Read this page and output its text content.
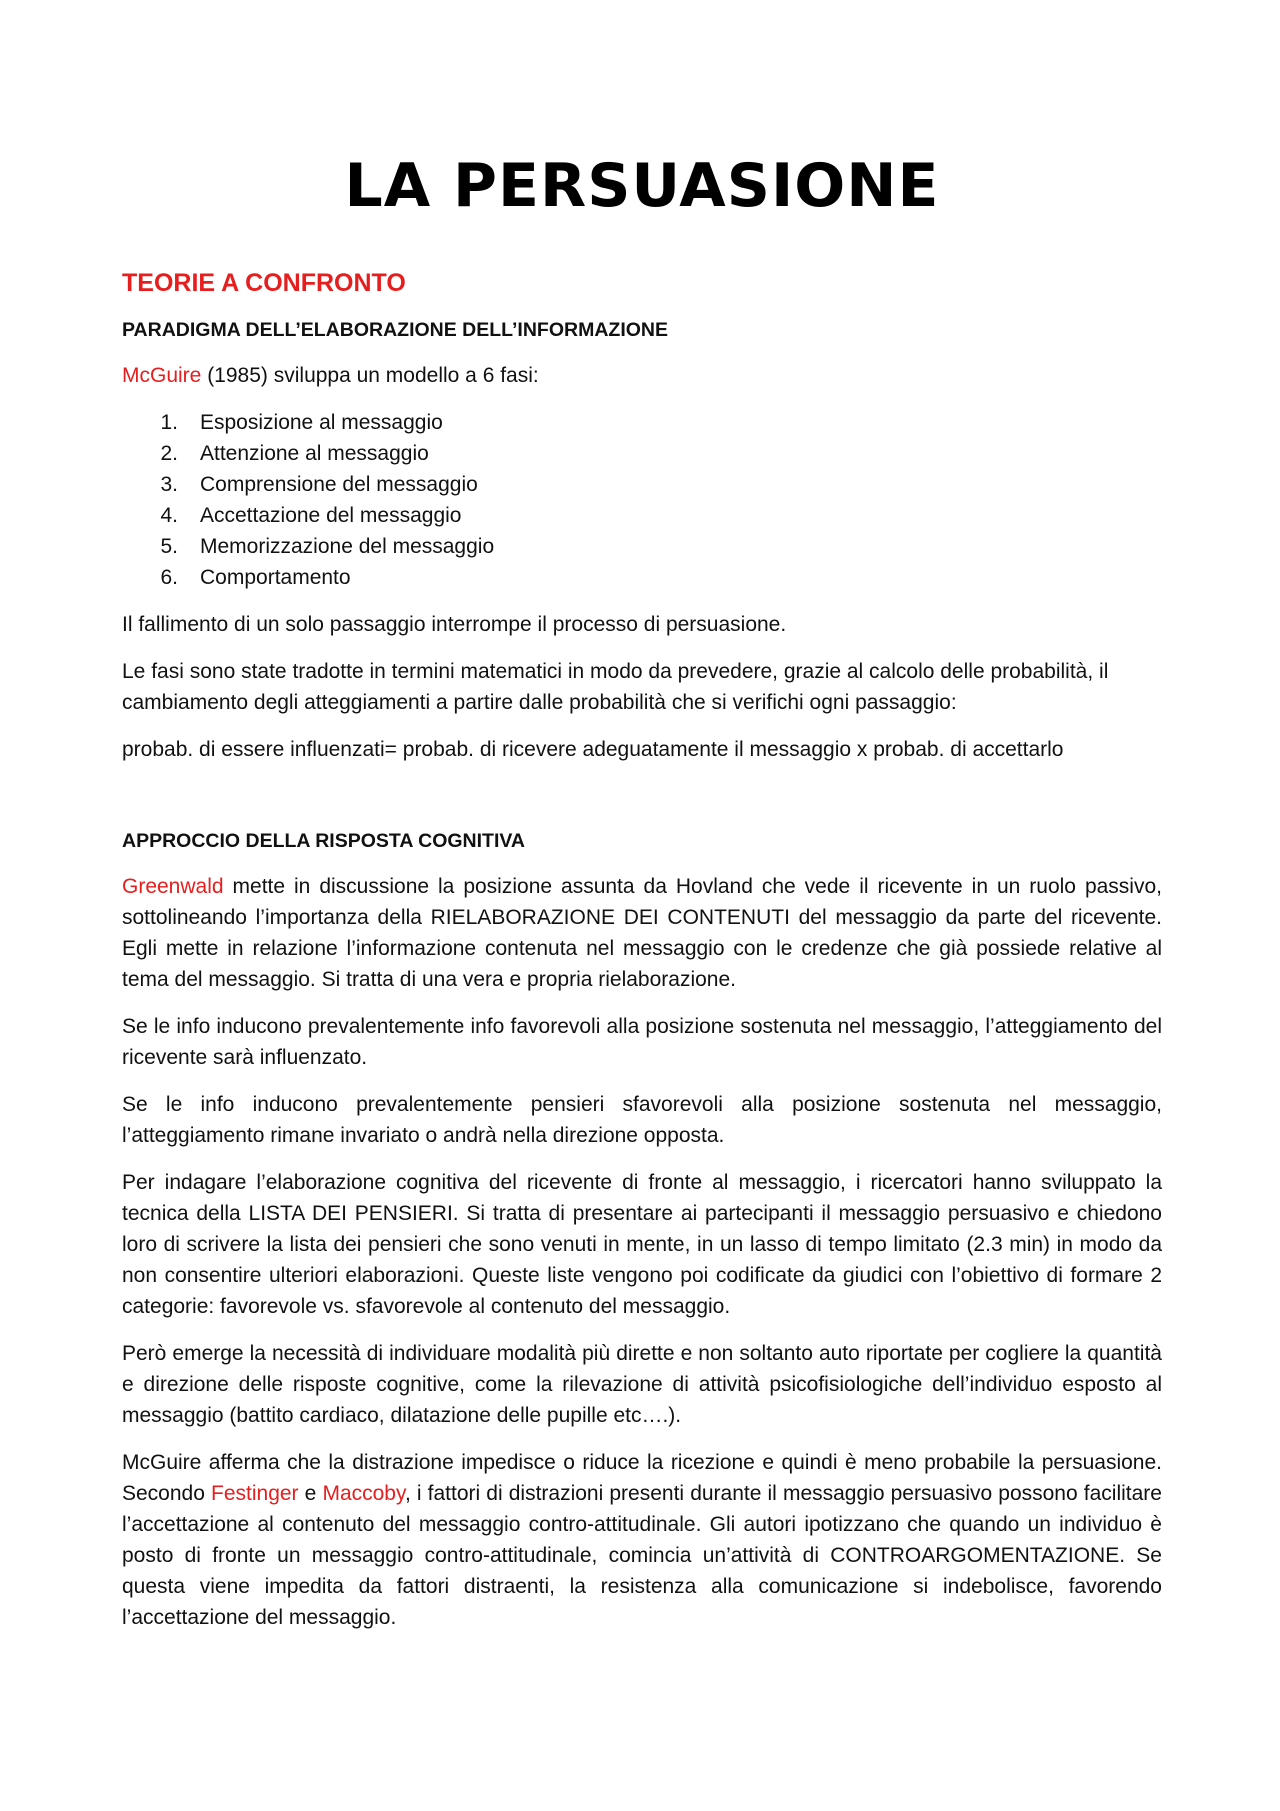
LA PERSUASIONE
TEORIE A CONFRONTO
PARADIGMA DELL’ELABORAZIONE DELL’INFORMAZIONE

McGuire (1985) sviluppa un modello a 6 fasi:

1.	Esposizione al messaggio
2.	Attenzione al messaggio
3.	Comprensione del messaggio
4.	Accettazione del messaggio
5.	Memorizzazione del messaggio
6.	Comportamento

Il fallimento di un solo passaggio interrompe il processo di persuasione.

Le fasi sono state tradotte in termini matematici in modo da prevedere, grazie al calcolo delle probabilità, il cambiamento degli atteggiamenti a partire dalle probabilità che si verifichi ogni passaggio:

probab. di essere influenzati= probab. di ricevere adeguatamente il messaggio x probab. di accettarlo

APPROCCIO DELLA RISPOSTA COGNITIVA

Greenwald mette in discussione la posizione assunta da Hovland che vede il ricevente in un ruolo passivo, sottolineando l’importanza della RIELABORAZIONE DEI CONTENUTI del messaggio da parte del ricevente. Egli mette in relazione l’informazione contenuta nel messaggio con le credenze che già possiede relative al tema del messaggio. Si tratta di una vera e propria rielaborazione.

Se le info inducono prevalentemente info favorevoli alla posizione sostenuta nel messaggio, l’atteggiamento del ricevente sarà influenzato.

Se le info inducono prevalentemente pensieri sfavorevoli alla posizione sostenuta nel messaggio, l’atteggiamento rimane invariato o andrà nella direzione opposta.

Per indagare l’elaborazione cognitiva del ricevente di fronte al messaggio, i ricercatori hanno sviluppato la tecnica della LISTA DEI PENSIERI. Si tratta di presentare ai partecipanti il messaggio persuasivo e chiedono loro di scrivere la lista dei pensieri che sono venuti in mente, in un lasso di tempo limitato (2.3 min) in modo da non consentire ulteriori elaborazioni. Queste liste vengono poi codificate da giudici con l’obiettivo di formare 2 categorie: favorevole vs. sfavorevole al contenuto del messaggio.

Però emerge la necessità di individuare modalità più dirette e non soltanto auto riportate per cogliere la quantità e direzione delle risposte cognitive, come la rilevazione di attività psicofisiologiche dell’individuo esposto al messaggio (battito cardiaco, dilatazione delle pupille etc….).

McGuire afferma che la distrazione impedisce o riduce la ricezione e quindi è meno probabile la persuasione. Secondo Festinger e Maccoby, i fattori di distrazioni presenti durante il messaggio persuasivo possono facilitare l’accettazione al contenuto del messaggio contro-attitudinale. Gli autori ipotizzano che quando un individuo è posto di fronte un messaggio contro-attitudinale, comincia un’attività di CONTROARGOMENTAZIONE. Se questa viene impedita da fattori distraenti, la resistenza alla comunicazione si indebolisce, favorendo l’accettazione del messaggio.
